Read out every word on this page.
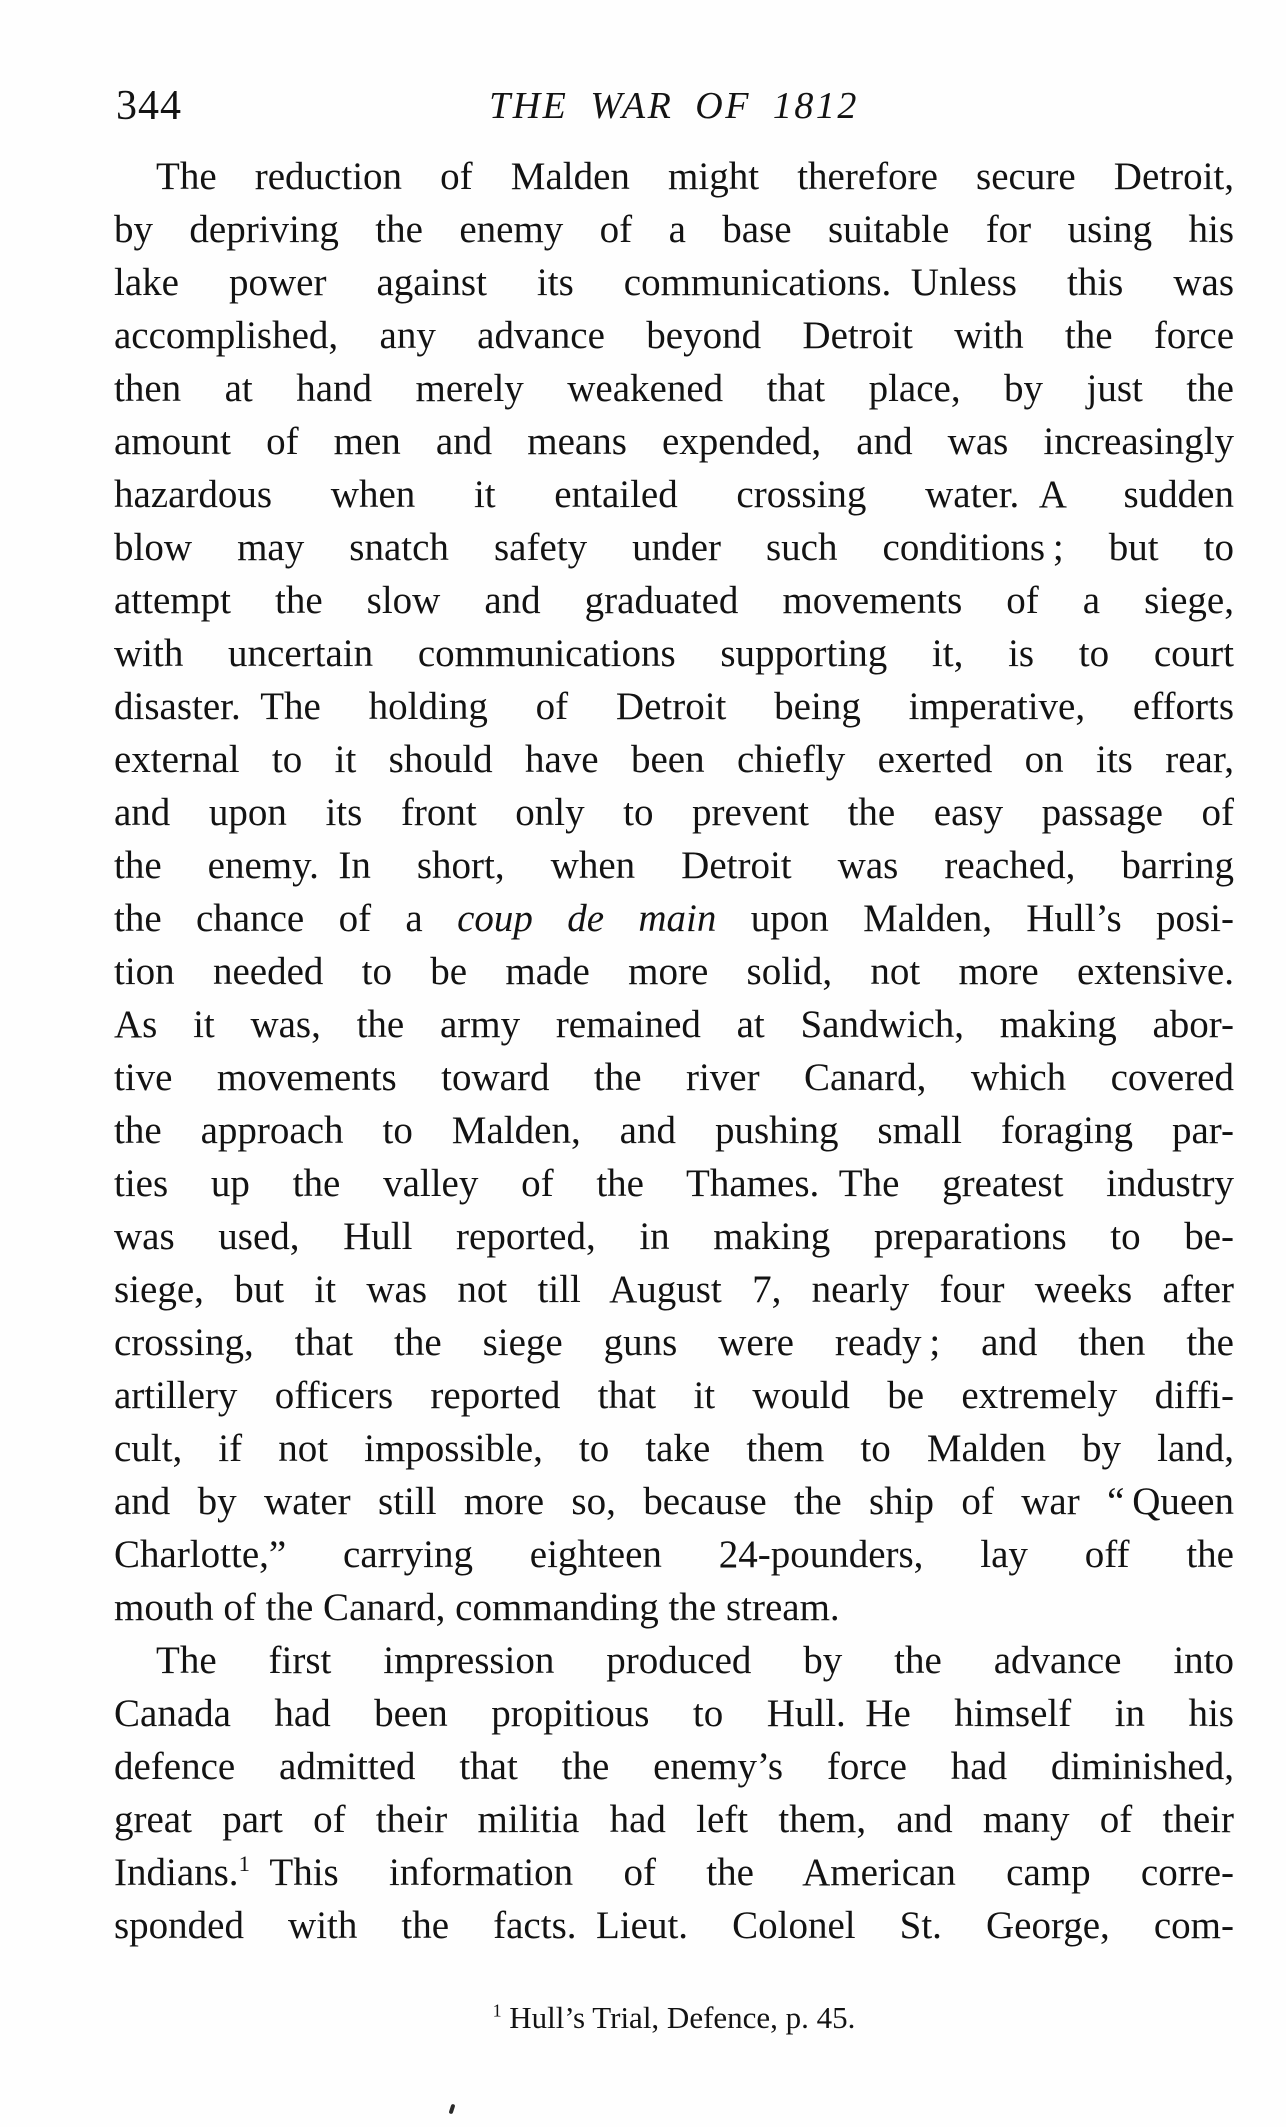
344	THE WAR OF 1812
The reduction of Malden might therefore secure Detroit,
by depriving the enemy of a base suitable for using his
lake power against its communications. Unless this was
accomplished, any advance beyond Detroit with the force
then at hand merely weakened that place, by just the
amount of men and means expended, and was increasingly
hazardous when it entailed crossing water. A sudden
blow may snatch safety under such conditions ; but to
attempt the slow and graduated movements of a siege,
with uncertain communications supporting it, is to court
disaster. The holding of Detroit being imperative, efforts
external to it should have been chiefly exerted on its rear,
and upon its front only to prevent the easy passage of
the enemy. In short, when Detroit was reached, barring
the chance of a coup de main upon Malden, Hull’s posi-
tion needed to be made more solid, not more extensive.
As it was, the army remained at Sandwich, making abor-
tive movements toward the river Canard, which covered
the approach to Malden, and pushing small foraging par-
ties up the valley of the Thames. The greatest industry
was used, Hull reported, in making preparations to be-
siege, but it was not till August 7, nearly four weeks after
crossing, that the siege guns were ready ; and then the
artillery officers reported that it would be extremely diffi-
cult, if not impossible, to take them to Malden by land,
and by water still more so, because the ship of war “ Queen
Charlotte,” carrying eighteen 24-pounders, lay off the
mouth of the Canard, commanding the stream.
The first impression produced by the advance into
Canada had been propitious to Hull. He himself in his
defence admitted that the enemy’s force had diminished,
great part of their militia had left them, and many of their
Indians.$^1$ This information of the American camp corre-
sponded with the facts. Lieut. Colonel St. George, com-
$^1$ Hull’s Trial, Defence, p. 45.
